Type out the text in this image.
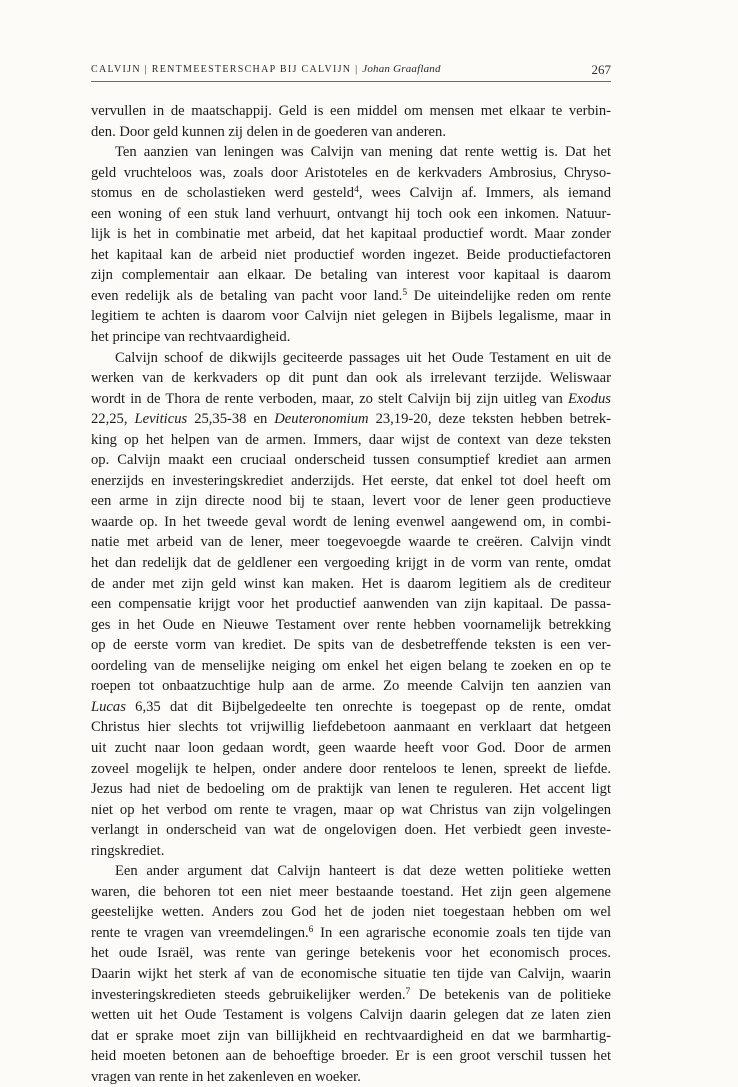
CALVIJN | RENTMEESTERSCHAP BIJ CALVIJN | Johan Graafland	267

vervullen in de maatschappij. Geld is een middel om mensen met elkaar te verbin-
den. Door geld kunnen zij delen in de goederen van anderen.

Ten aanzien van leningen was Calvijn van mening dat rente wettig is. Dat het
geld vruchteloos was, zoals door Aristoteles en de kerkvaders Ambrosius, Chryso-
stomus en de scholastieken werd gesteld$^4$, wees Calvijn af. Immers, als iemand
een woning of een stuk land verhuurt, ontvangt hij toch ook een inkomen. Natuur-
lijk is het in combinatie met arbeid, dat het kapitaal productief wordt. Maar zonder
het kapitaal kan de arbeid niet productief worden ingezet. Beide productiefactoren
zijn complementair aan elkaar. De betaling van interest voor kapitaal is daarom
even redelijk als de betaling van pacht voor land.$^5$ De uiteindelijke reden om rente
legitiem te achten is daarom voor Calvijn niet gelegen in Bijbels legalisme, maar in
het principe van rechtvaardigheid.

Calvijn schoof de dikwijls geciteerde passages uit het Oude Testament en uit de
werken van de kerkvaders op dit punt dan ook als irrelevant terzijde. Weliswaar
wordt in de Thora de rente verboden, maar, zo stelt Calvijn bij zijn uitleg van Exodus
22,25, Leviticus 25,35-38 en Deuteronomium 23,19-20, deze teksten hebben betrek-
king op het helpen van de armen. Immers, daar wijst de context van deze teksten
op. Calvijn maakt een cruciaal onderscheid tussen consumptief krediet aan armen
enerzijds en investeringskrediet anderzijds. Het eerste, dat enkel tot doel heeft om
een arme in zijn directe nood bij te staan, levert voor de lener geen productieve
waarde op. In het tweede geval wordt de lening evenwel aangewend om, in combi-
natie met arbeid van de lener, meer toegevoegde waarde te creëren. Calvijn vindt
het dan redelijk dat de geldlener een vergoeding krijgt in de vorm van rente, omdat
de ander met zijn geld winst kan maken. Het is daarom legitiem als de crediteur
een compensatie krijgt voor het productief aanwenden van zijn kapitaal. De passa-
ges in het Oude en Nieuwe Testament over rente hebben voornamelijk betrekking
op de eerste vorm van krediet. De spits van de desbetreffende teksten is een ver-
oordeling van de menselijke neiging om enkel het eigen belang te zoeken en op te
roepen tot onbaatzuchtige hulp aan de arme. Zo meende Calvijn ten aanzien van
Lucas 6,35 dat dit Bijbelgedeelte ten onrechte is toegepast op de rente, omdat
Christus hier slechts tot vrijwillig liefdebetoon aanmaant en verklaart dat hetgeen
uit zucht naar loon gedaan wordt, geen waarde heeft voor God. Door de armen
zoveel mogelijk te helpen, onder andere door renteloos te lenen, spreekt de liefde.
Jezus had niet de bedoeling om de praktijk van lenen te reguleren. Het accent ligt
niet op het verbod om rente te vragen, maar op wat Christus van zijn volgelingen
verlangt in onderscheid van wat de ongelovigen doen. Het verbiedt geen investe-
ringskrediet.

Een ander argument dat Calvijn hanteert is dat deze wetten politieke wetten
waren, die behoren tot een niet meer bestaande toestand. Het zijn geen algemene
geestelijke wetten. Anders zou God het de joden niet toegestaan hebben om wel
rente te vragen van vreemdelingen.$^6$ In een agrarische economie zoals ten tijde van
het oude Israël, was rente van geringe betekenis voor het economisch proces.
Daarin wijkt het sterk af van de economische situatie ten tijde van Calvijn, waarin
investeringskredieten steeds gebruikelijker werden.$^7$ De betekenis van de politieke
wetten uit het Oude Testament is volgens Calvijn daarin gelegen dat ze laten zien
dat er sprake moet zijn van billijkheid en rechtvaardigheid en dat we barmhartig-
heid moeten betonen aan de behoeftige broeder. Er is een groot verschil tussen het
vragen van rente in het zakenleven en woeker.
